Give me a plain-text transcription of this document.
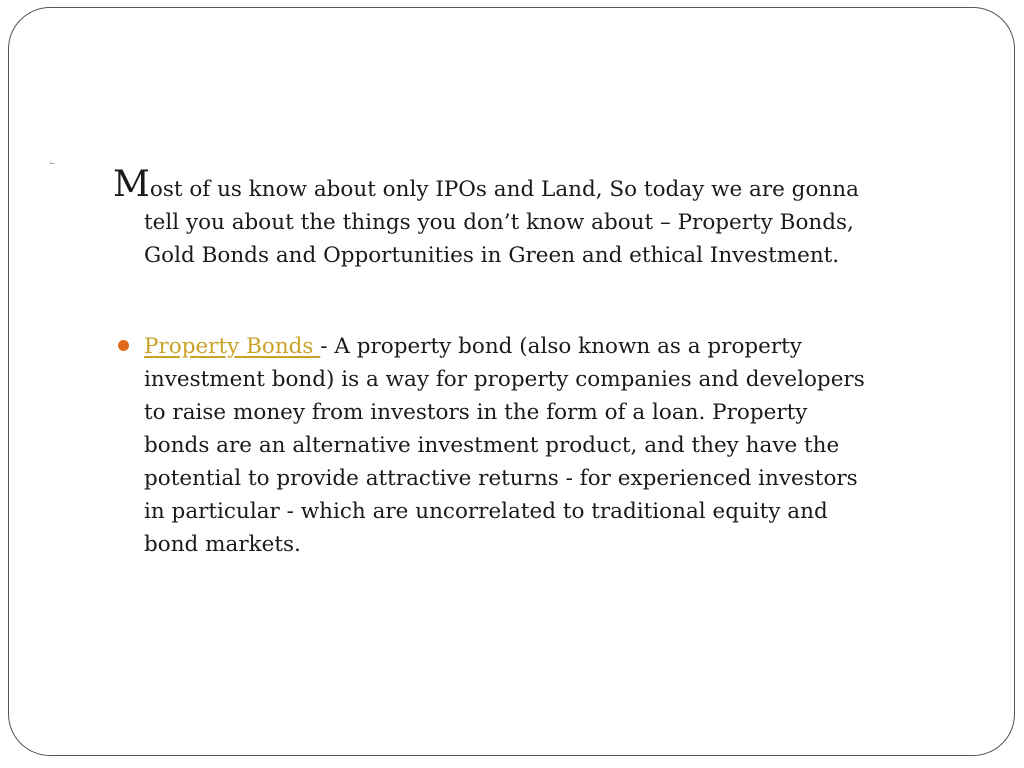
⌙
Most of us know about only IPOs and Land, So today we are gonna
tell you about the things you don’t know about – Property Bonds,
Gold Bonds and Opportunities in Green and ethical Investment.
Property Bonds - A property bond (also known as a property
investment bond) is a way for property companies and developers
to raise money from investors in the form of a loan. Property
bonds are an alternative investment product, and they have the
potential to provide attractive returns - for experienced investors
in particular - which are uncorrelated to traditional equity and
bond markets.
